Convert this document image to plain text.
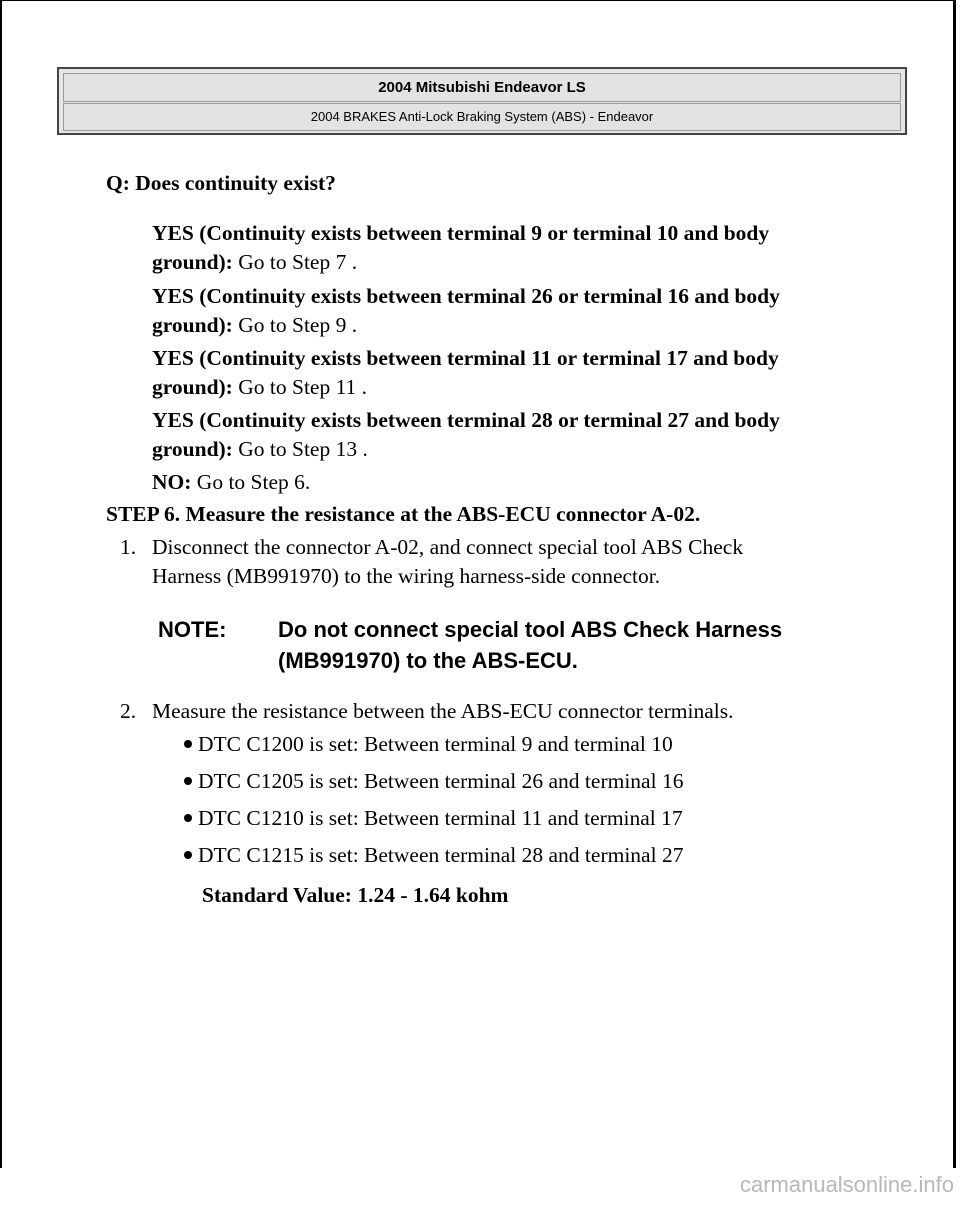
2004 Mitsubishi Endeavor LS
2004 BRAKES Anti-Lock Braking System (ABS) - Endeavor
Q: Does continuity exist?
YES (Continuity exists between terminal 9 or terminal 10 and body
ground): Go to Step 7 .
YES (Continuity exists between terminal 26 or terminal 16 and body
ground): Go to Step 9 .
YES (Continuity exists between terminal 11 or terminal 17 and body
ground): Go to Step 11 .
YES (Continuity exists between terminal 28 or terminal 27 and body
ground): Go to Step 13 .
NO: Go to Step 6.
STEP 6. Measure the resistance at the ABS-ECU connector A-02.
1. Disconnect the connector A-02, and connect special tool ABS Check
Harness (MB991970) to the wiring harness-side connector.
NOTE: Do not connect special tool ABS Check Harness
(MB991970) to the ABS-ECU.
2. Measure the resistance between the ABS-ECU connector terminals.
DTC C1200 is set: Between terminal 9 and terminal 10
DTC C1205 is set: Between terminal 26 and terminal 16
DTC C1210 is set: Between terminal 11 and terminal 17
DTC C1215 is set: Between terminal 28 and terminal 27
Standard Value: 1.24 - 1.64 kohm
carmanualsonline.info
